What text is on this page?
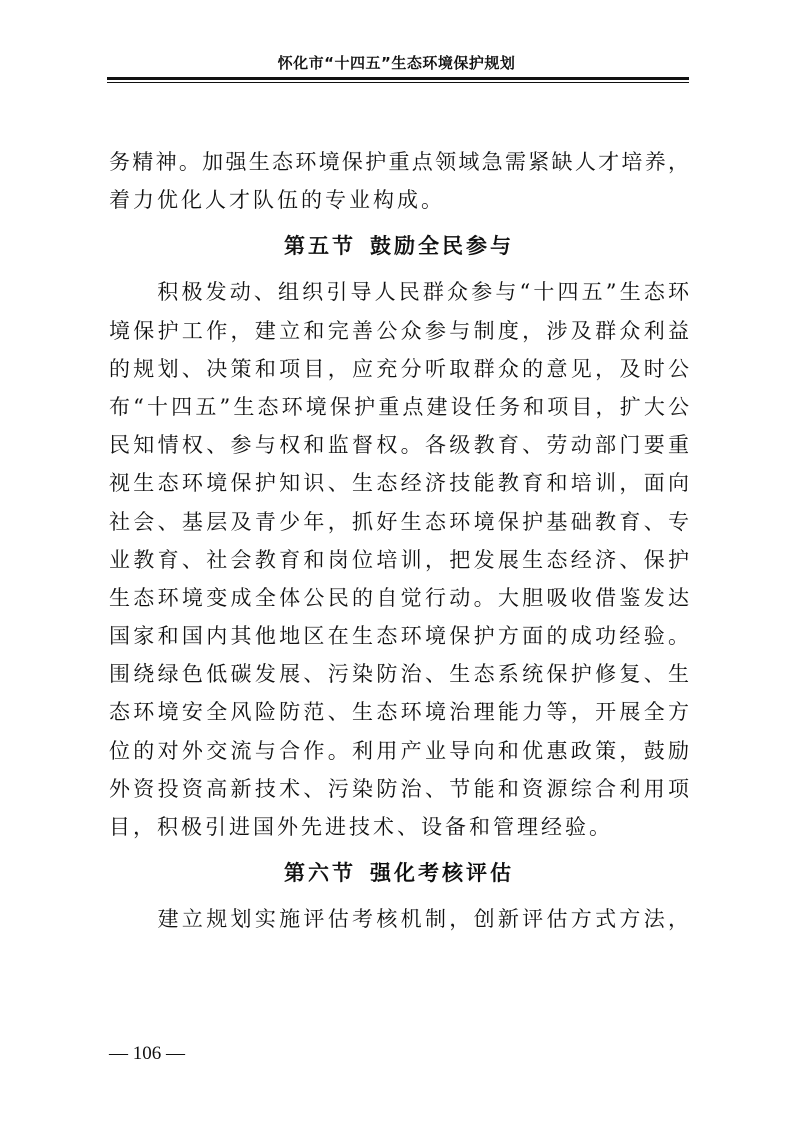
怀化市“十四五”生态环境保护规划
务精神。加强生态环境保护重点领域急需紧缺人才培养，
着力优化人才队伍的专业构成。
第五节 鼓励全民参与
　　积极发动、组织引导人民群众参与“十四五”生态环
境保护工作，建立和完善公众参与制度，涉及群众利益
的规划、决策和项目，应充分听取群众的意见，及时公
布“十四五”生态环境保护重点建设任务和项目，扩大公
民知情权、参与权和监督权。各级教育、劳动部门要重
视生态环境保护知识、生态经济技能教育和培训，面向
社会、基层及青少年，抓好生态环境保护基础教育、专
业教育、社会教育和岗位培训，把发展生态经济、保护
生态环境变成全体公民的自觉行动。大胆吸收借鉴发达
国家和国内其他地区在生态环境保护方面的成功经验。
围绕绿色低碳发展、污染防治、生态系统保护修复、生
态环境安全风险防范、生态环境治理能力等，开展全方
位的对外交流与合作。利用产业导向和优惠政策，鼓励
外资投资高新技术、污染防治、节能和资源综合利用项
目，积极引进国外先进技术、设备和管理经验。
第六节 强化考核评估
　　建立规划实施评估考核机制，创新评估方式方法，
— 106 —
